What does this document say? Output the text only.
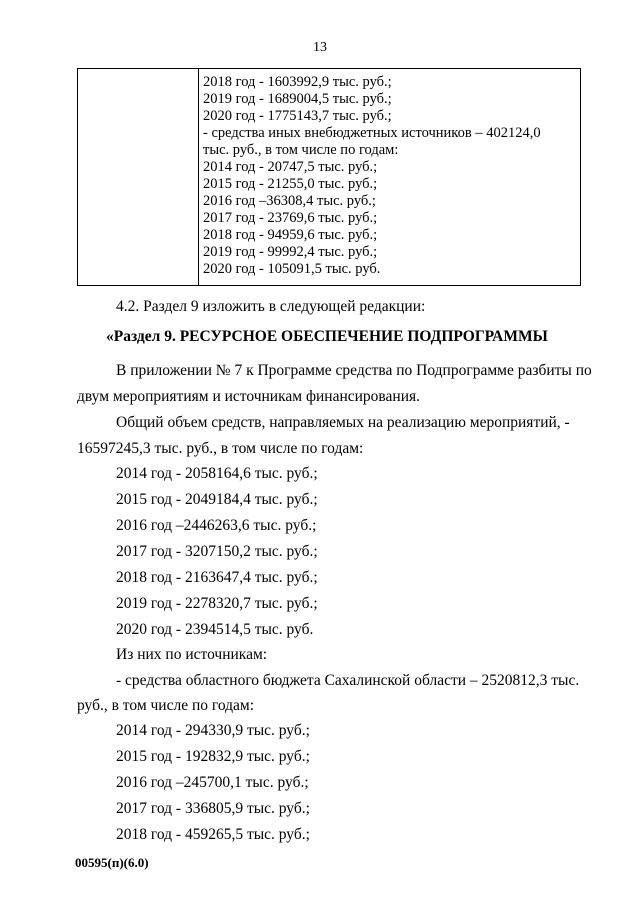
13
2018 год - 1603992,9 тыс. руб.;
2019 год - 1689004,5 тыс. руб.;
2020 год - 1775143,7 тыс. руб.;
- средства иных внебюджетных источников – 402124,0
тыс. руб., в том числе по годам:
2014 год - 20747,5 тыс. руб.;
2015 год - 21255,0 тыс. руб.;
2016 год –36308,4 тыс. руб.;
2017 год - 23769,6 тыс. руб.;
2018 год - 94959,6 тыс. руб.;
2019 год - 99992,4 тыс. руб.;
2020 год - 105091,5 тыс. руб.
4.2. Раздел 9 изложить в следующей редакции:
«Раздел 9. РЕСУРСНОЕ ОБЕСПЕЧЕНИЕ ПОДПРОГРАММЫ
В приложении № 7 к Программе средства по Подпрограмме разбиты по
двум мероприятиям и источникам финансирования.
Общий объем средств, направляемых на реализацию мероприятий, -
16597245,3 тыс. руб., в том числе по годам:
2014 год - 2058164,6 тыс. руб.;
2015 год - 2049184,4 тыс. руб.;
2016 год –2446263,6 тыс. руб.;
2017 год - 3207150,2 тыс. руб.;
2018 год - 2163647,4 тыс. руб.;
2019 год - 2278320,7 тыс. руб.;
2020 год - 2394514,5 тыс. руб.
Из них по источникам:
- средства областного бюджета Сахалинской области – 2520812,3 тыс.
руб., в том числе по годам:
2014 год - 294330,9 тыс. руб.;
2015 год - 192832,9 тыс. руб.;
2016 год –245700,1 тыс. руб.;
2017 год - 336805,9 тыс. руб.;
2018 год - 459265,5 тыс. руб.;
00595(п)(6.0)
